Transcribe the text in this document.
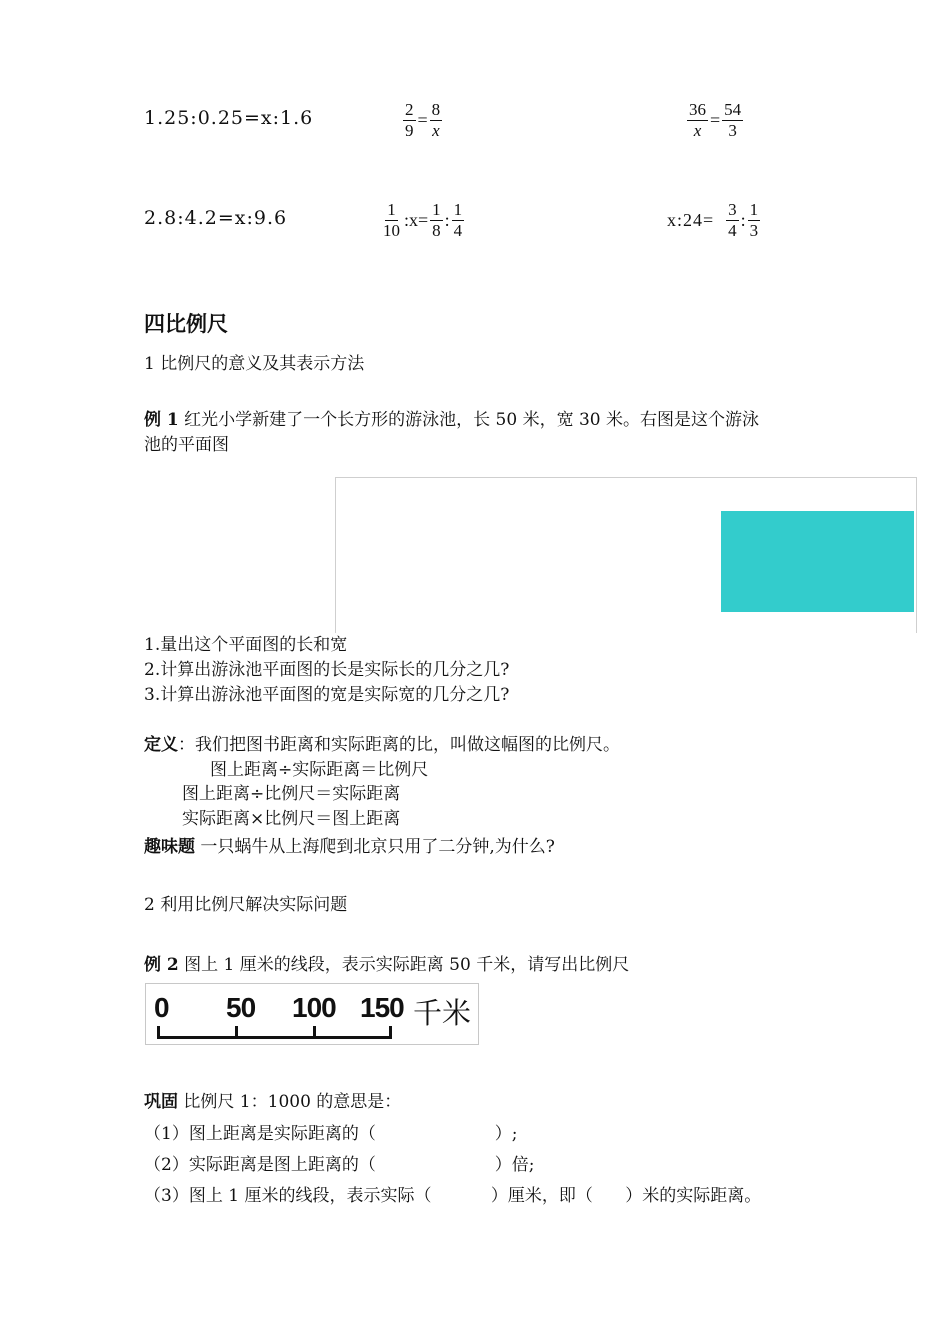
1.25:0.25=x:1.6	$\frac{2}{9} = \frac{8}{x}$	$\frac{36}{x} = \frac{54}{3}$
2.8:4.2=x:9.6	$\frac{1}{10}$ :x= $\frac{1}{8}$ : $\frac{1}{4}$	x:24= $\frac{3}{4}$ : $\frac{1}{3}$
四比例尺
1 比例尺的意义及其表示方法
例 1 红光小学新建了一个长方形的游泳池，长 50 米，宽 30 米。右图是这个游泳
池的平面图
1.量出这个平面图的长和宽
2.计算出游泳池平面图的长是实际长的几分之几?
3.计算出游泳池平面图的宽是实际宽的几分之几?
定义：我们把图书距离和实际距离的比，叫做这幅图的比例尺。
图上距离÷实际距离＝比例尺
图上距离÷比例尺＝实际距离
实际距离×比例尺＝图上距离
趣味题 一只蜗牛从上海爬到北京只用了二分钟,为什么?
2 利用比例尺解决实际问题
例 2 图上 1 厘米的线段，表示实际距离 50 千米，请写出比例尺
0 50 100 150 千米
巩固 比例尺 1：1000 的意思是：
（1）图上距离是实际距离的（                      ）;
（2）实际距离是图上距离的（                      ）倍;
（3）图上 1 厘米的线段，表示实际（           ）厘米，即（      ）米的实际距离。
